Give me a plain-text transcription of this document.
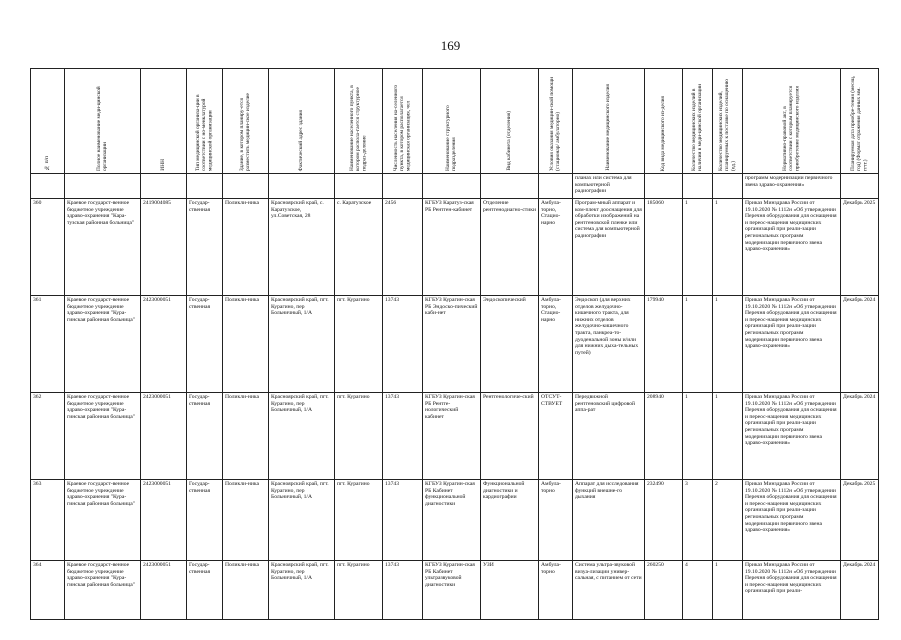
169
№ п/п	Полное наименование меди-цинской организации	ИНН	Тип медицинской организа-ции в соответствии с но-менклатурой медицинской организации	Здание, в котором планиру-ется разместить медицин-ское изделие	Фактический адрес здания	Наименование населенного пункта, в котором распола-гается структурное подраз-деление	Численность населения на-селенного пункта, в котором располагается медицинская организация, чел	Наименование структурного подразделения	Вид кабинета (отделения)	Условия оказания медицин-ской помощи (стационар/ амбулаторно)	Наименование медицинского изделия	Код вида медицинского из-делия	Количество медицинских изделий в наличии в меди-цинской организации	Количество медицинских изделий, планируемых к поставке по оснащению (ед.)	Нормативно-правовой акт, в соответствии с которым планируется приобретение медицинского изделия	Планируемая дата приобре-тения (месяц, год) (Формат отражения данных мм. ггтг.)

											планах или система для компьютерной радиографии				программ модернизации первичного звена здраво-охранения»	
360	Краевое государст-венное бюджетное учреждение здраво-охранения "Кара-тузская районная больница"	2419004085	Государ-ственная	Поликли-ника	Красноярский край, с. Каратузское, ул.Советская, 28	с. Каратузское	2456	КГБУЗ Каратуз-ская РБ Рентген-кабинет	Отделение рентгенодиагно-стики	Амбула-торно, Стацио-нарно	Програм-мный аппарат и ком-плект дооснащения для обработки изображений на рентгеновской пленке или система для компьютерной радиографии	185060	1	1	Приказ Минздрава России от 19.10.2020 № 1112н «Об утверждении Перечня оборудования для оснащения и переос-нащения медицинских организаций при реали-зации региональных программ модернизации первичного звена здраво-охранения»	Декабрь 2025
361	Краевое государст-венное бюджетное учреждение здраво-охранения "Кура-гинская районная больница"	2423000051	Государ-ственная	Поликли-ника	Красноярский край, пгт. Курагино, пер Больничный, 1/А	пгт. Курагино	13743	КГБУЗ Курагин-ская РБ Эндоско-пический каби-нет	Эндоскопический	Амбула-торно, Стацио-нарно	Эндоскоп (для верхних отделов желудочно-кишечного тракта, для нижних отделов желудочно-кишечного тракта, панкреа-то-дуоденальной зоны и/или для нижних дыха-тельных путей)	179940	1	1	Приказ Минздрава России от 19.10.2020 № 1112н «Об утверждении Перечня оборудования для оснащения и переос-нащения медицинских организаций при реали-зации региональных программ модернизации первичного звена здраво-охранения»	Декабрь 2024
362	Краевое государст-венное бюджетное учреждение здраво-охранения "Кура-гинская районная больница"	2423000051	Государ-ственная	Поликли-ника	Красноярский край, пгт. Курагино, пер Больничный, 1/А	пгт. Курагино	13743	КГБУЗ Курагин-ская РБ Рентге-нологический кабинет	Рентгенологиче-ский	ОТСУТ-СТВУЕТ	Передвижной рентгеновский цифровой аппа-рат	208940	1	1	Приказ Минздрава России от 19.10.2020 № 1112н «Об утверждении Перечня оборудования для оснащения и переос-нащения медицинских организаций при реали-зации региональных программ модернизации первичного звена здраво-охранения»	Декабрь 2024
363	Краевое государст-венное бюджетное учреждение здраво-охранения "Кура-гинская районная больница"	2423000051	Государ-ственная	Поликли-ника	Красноярский край, пгт. Курагино, пер Больничный, 1/А	пгт. Курагино	13743	КГБУЗ Курагин-ская РБ Кабинет функциональной диагностики	Функциональной диагностики и кардиографии	Амбула-торно	Аппарат для исследования функций внешне-го дыхания	232490	3	2	Приказ Минздрава России от 19.10.2020 № 1112н «Об утверждении Перечня оборудования для оснащения и переос-нащения медицинских организаций при реали-зации региональных программ модернизации первичного звена здраво-охранения»	Декабрь 2025
364	Краевое государст-венное бюджетное учреждение здраво-охранения "Кура-гинская районная больница"	2423000051	Государ-ственная	Поликли-ника	Красноярский край, пгт. Курагино, пер Больничный, 1/А	пгт. Курагино	13743	КГБУЗ Курагин-ская РБ Кабинет ультразвуковой диагностики	УЗИ	Амбула-торно	Система ультра-звуковой визуа-лизации универ-сальная, с питанием от сети	260250	4	1	Приказ Минздрава России от 19.10.2020 № 1112н «Об утверждении Перечня оборудования для оснащения и переос-нащения медицинских организаций при реали-	Декабрь 2024
